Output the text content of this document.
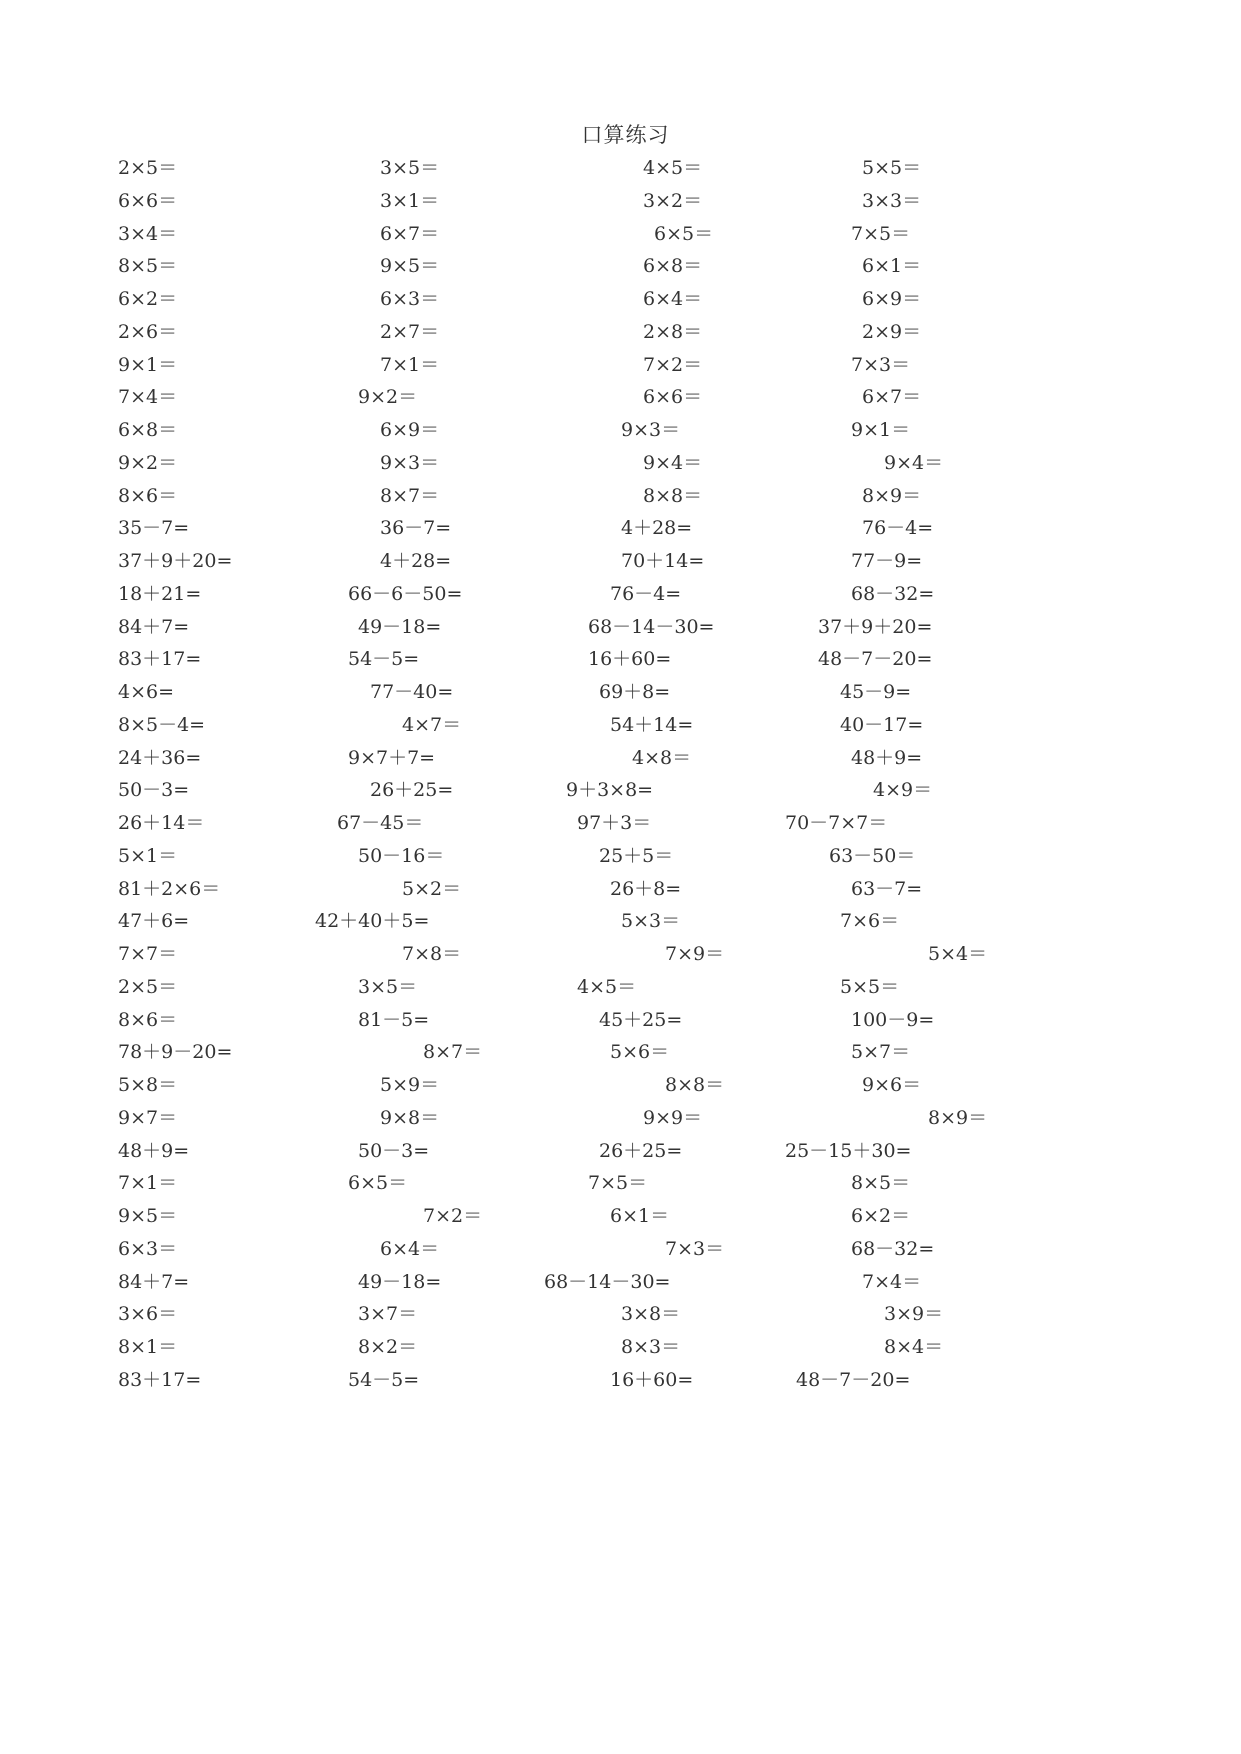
口算练习
2×5＝	3×5＝	4×5＝	5×5＝
6×6＝	3×1＝	3×2＝	3×3＝
3×4＝	6×7＝	6×5＝	7×5＝
8×5＝	9×5＝	6×8＝	6×1＝
6×2＝	6×3＝	6×4＝	6×9＝
2×6＝	2×7＝	2×8＝	2×9＝
9×1＝	7×1＝	7×2＝	7×3＝
7×4＝	9×2＝	6×6＝	6×7＝
6×8＝	6×9＝	9×3＝	9×1＝
9×2＝	9×3＝	9×4＝	9×4＝
8×6＝	8×7＝	8×8＝	8×9＝
35－7=	36－7=	4＋28=	76－4=
37＋9＋20=	4＋28=	70＋14=	77－9=
18＋21=	66－6－50=	76－4=	68－32=
84＋7=	49－18=	68－14－30=	37＋9＋20=
83＋17=	54－5=	16＋60=	48－7－20=
4×6=	77－40=	69＋8=	45－9=
8×5－4=	4×7＝	54＋14=	40－17=
24＋36=	9×7＋7=	4×8＝	48＋9=
50－3=	26＋25=	9＋3×8=	4×9＝
26＋14＝	67－45＝	97＋3＝	70－7×7＝
5×1＝	50－16＝	25＋5＝	63－50＝
81＋2×6＝	5×2＝	26＋8=	63－7=
47＋6=	42＋40＋5=	5×3＝	7×6＝
7×7＝	7×8＝	7×9＝	5×4＝
2×5＝	3×5＝	4×5＝	5×5＝
8×6＝	81－5=	45＋25=	100－9=
78＋9－20=	8×7＝	5×6＝	5×7＝
5×8＝	5×9＝	8×8＝	9×6＝
9×7＝	9×8＝	9×9＝	8×9＝
48＋9=	50－3=	26＋25=	25－15＋30=
7×1＝	6×5＝	7×5＝	8×5＝
9×5＝	7×2＝	6×1＝	6×2＝
6×3＝	6×4＝	7×3＝	68－32=
84＋7=	49－18=	68－14－30=	7×4＝
3×6＝	3×7＝	3×8＝	3×9＝
8×1＝	8×2＝	8×3＝	8×4＝
83＋17=	54－5=	16＋60=	48－7－20=
